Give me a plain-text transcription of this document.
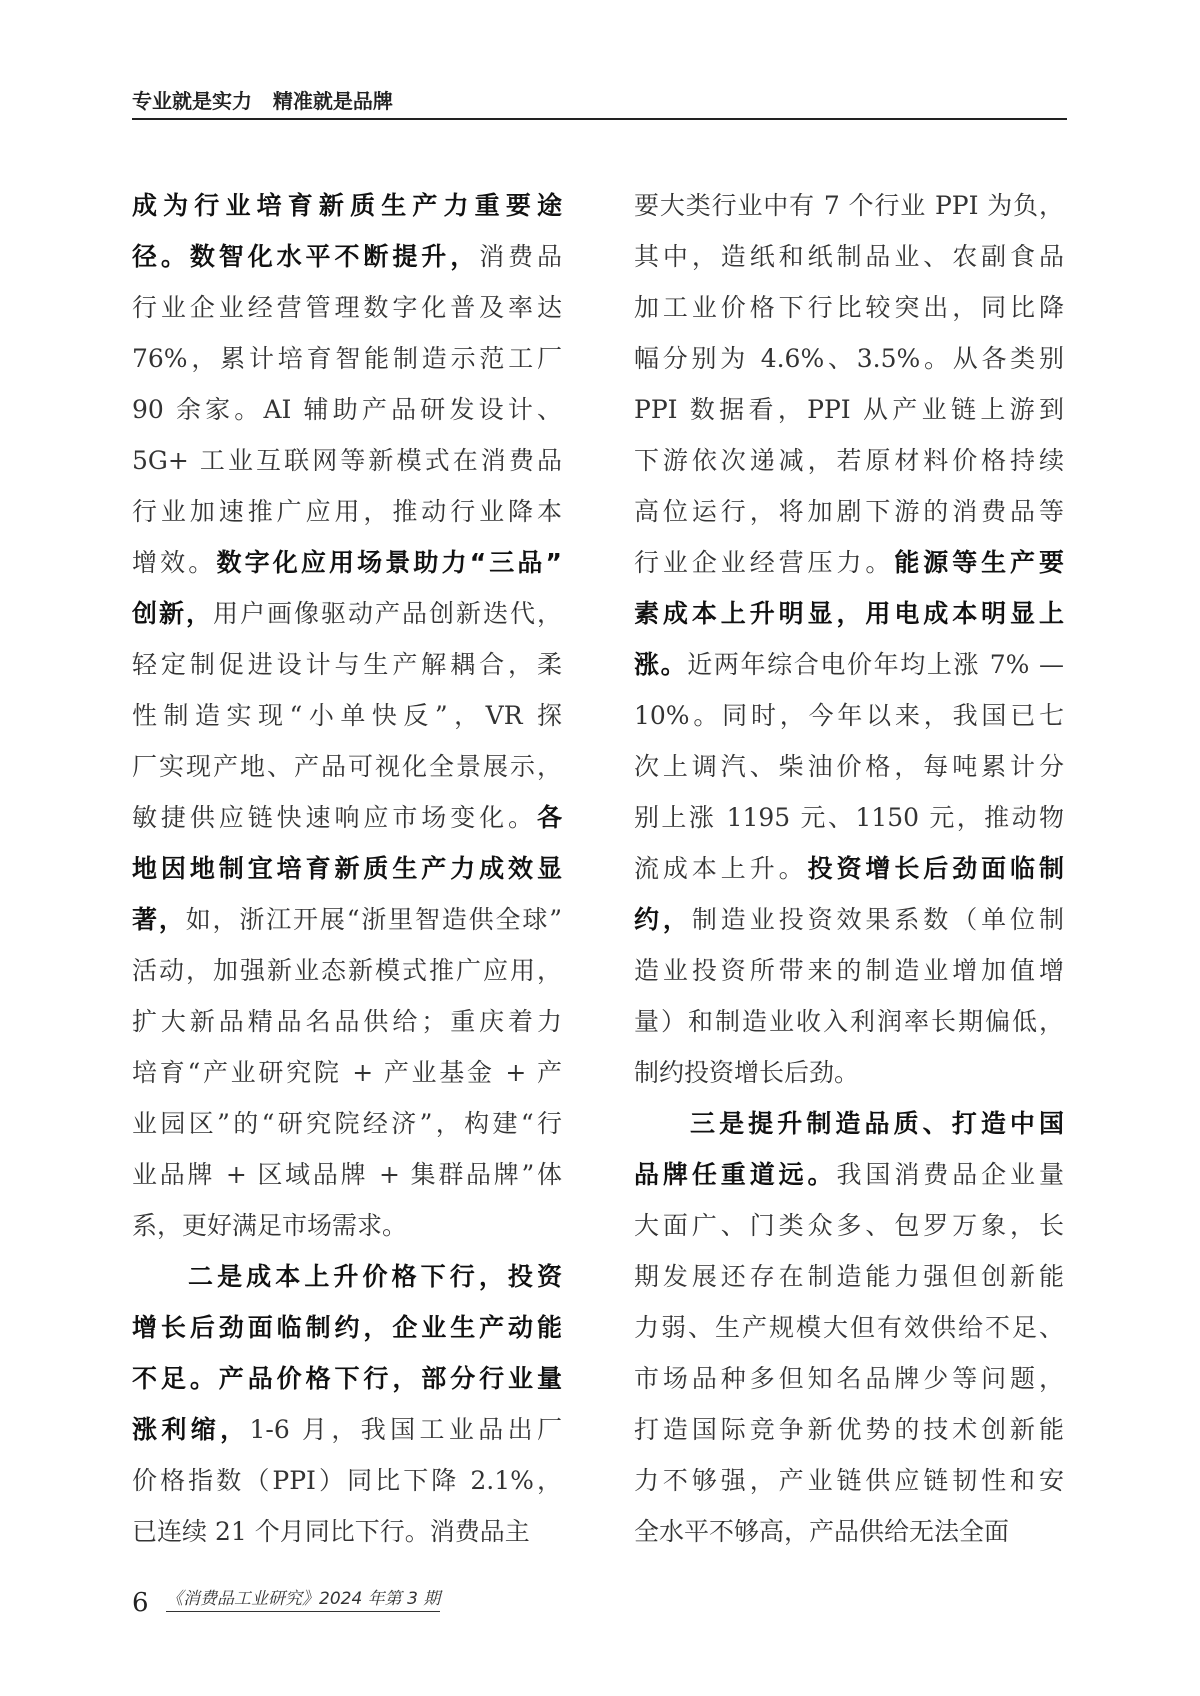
专业就是实力   精准就是品牌
成为行业培育新质生产力重要途
径。数智化水平不断提升，消费品
行业企业经营管理数字化普及率达
76%，累计培育智能制造示范工厂
90 余家。AI 辅助产品研发设计、
5G+ 工业互联网等新模式在消费品
行业加速推广应用，推动行业降本
增效。数字化应用场景助力“三品”
创新，用户画像驱动产品创新迭代，
轻定制促进设计与生产解耦合，柔
性制造实现“小单快反”，VR 探
厂实现产地、产品可视化全景展示，
敏捷供应链快速响应市场变化。各
地因地制宜培育新质生产力成效显
著，如，浙江开展“浙里智造供全球”
活动，加强新业态新模式推广应用，
扩大新品精品名品供给；重庆着力
培育“产业研究院 + 产业基金 + 产
业园区”的“研究院经济”，构建“行
业品牌 + 区域品牌 + 集群品牌”体
系，更好满足市场需求。
二是成本上升价格下行，投资
增长后劲面临制约，企业生产动能
不足。产品价格下行，部分行业量
涨利缩，1-6 月，我国工业品出厂
价格指数（PPI）同比下降 2.1%，
已连续 21 个月同比下行。消费品主
要大类行业中有 7 个行业 PPI 为负，
其中，造纸和纸制品业、农副食品
加工业价格下行比较突出，同比降
幅分别为 4.6%、3.5%。从各类别
PPI 数据看，PPI 从产业链上游到
下游依次递减，若原材料价格持续
高位运行，将加剧下游的消费品等
行业企业经营压力。能源等生产要
素成本上升明显，用电成本明显上
涨。近两年综合电价年均上涨 7% —
10%。同时，今年以来，我国已七
次上调汽、柴油价格，每吨累计分
别上涨 1195 元、1150 元，推动物
流成本上升。投资增长后劲面临制
约，制造业投资效果系数（单位制
造业投资所带来的制造业增加值增
量）和制造业收入利润率长期偏低，
制约投资增长后劲。
三是提升制造品质、打造中国
品牌任重道远。我国消费品企业量
大面广、门类众多、包罗万象，长
期发展还存在制造能力强但创新能
力弱、生产规模大但有效供给不足、
市场品种多但知名品牌少等问题，
打造国际竞争新优势的技术创新能
力不够强，产业链供应链韧性和安
全水平不够高，产品供给无法全面
6 《消费品工业研究》2024 年第 3 期
